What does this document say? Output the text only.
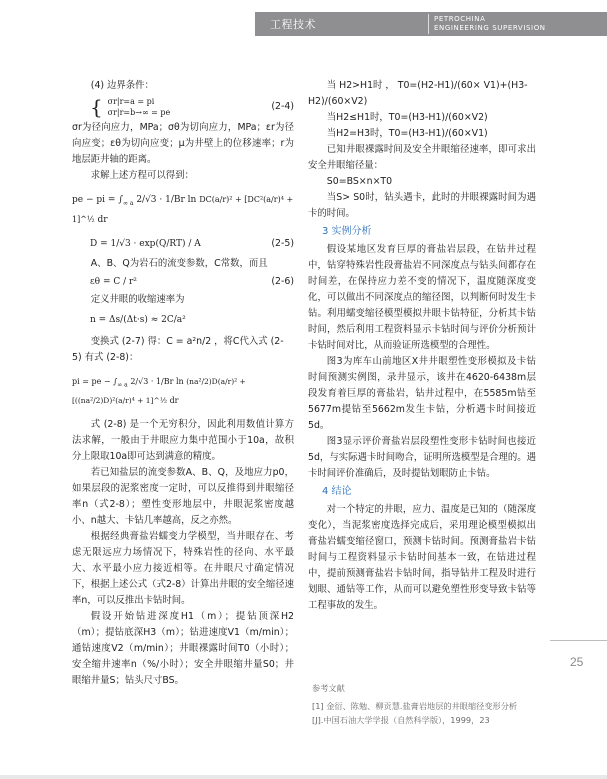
工程技术	PETROCHINA
ENGINEERING SUPERVISION

(4) 边界条件：

{ σr|r=a = pi
σr|r=b→∞ = pe
(2-4)

σr为径向应力，MPa；σθ为切向应力，MPa；εr为径向应变；εθ为切向应变；μ为井壁上的位移速率；r为地层距井轴的距离。

求解上述方程可以得到：

pe − pi = $\int_{\infty a}$ 2/√3 · 1/Br ln DC(a/r)² + [DC²(a/r)⁴ + 1]^½ dr
D = 1/√3 · exp(Q/RT) / A	(2-5)

A、B、Q为岩石的流变参数，C常数，而且

εθ = C / r²	(2-6)

定义井眼的收缩速率为

n = Δs/(Δt·s) ≈ 2C/a²

变换式 (2-7) 得：C = a²n/2 ，将C代入式 (2-

5) 有式 (2-8)：

pi = pe − $\int_{\infty a}$ 2/√3 · 1/Br ln (na²/2)D(a/r)² + [((na²/2)D)²(a/r)⁴ + 1]^½ dr

式 (2-8) 是一个无穷积分，因此利用数值计算方法求解，一般由于井眼应力集中范围小于10a，故积分上限取10a即可达到满意的精度。

若已知盐层的流变参数A、B、Q，及地应力p0，如果层段的泥浆密度一定时，可以反推得到井眼缩径率n（式2-8）；塑性变形地层中，井眼泥浆密度越小、n越大、卡钻几率越高，反之亦然。

根据经典膏盐岩蠕变力学模型，当井眼存在、考虑无限远应力场情况下，特殊岩性的径向、水平最大、水平最小应力接近相等。在井眼尺寸确定情况下，根据上述公式（式2-8）计算出井眼的安全缩径速率n，可以反推出卡钻时间。

假设开始钻进深度H1（m）；提钻顶深H2（m）；提钻底深H3（m）；钻进速度V1（m/min）；通钻速度V2（m/min）；井眼裸露时间T0（小时）；安全缩井速率n（%/小时）；安全井眼缩井量S0；井眼缩井量S；钻头尺寸BS。

当 H2>H1时 ， T0=(H2-H1)/(60× V1)+(H3-

H2)/(60×V2)

当H2≤H1时，T0=(H3-H1)/(60×V2)

当H2=H3时，T0=(H3-H1)/(60×V1)

已知井眼裸露时间及安全井眼缩径速率，即可求出安全井眼缩径量：

S0=BS×n×T0

当S> S0时，钻头遇卡，此时的井眼裸露时间为遇卡的时间。

3 实例分析

假设某地区发育巨厚的膏盐岩层段，在钻井过程中，钻穿特殊岩性段膏盐岩不同深度点与钻头间都存在时间差，在保持应力差不变的情况下，温度随深度变化，可以做出不同深度点的缩径图，以判断何时发生卡钻。利用蠕变缩径模型模拟井眼卡钻特征，分析其卡钻时间，然后利用工程资料显示卡钻时间与评价分析预计卡钻时间对比，从而验证所选模型的合理性。

图3为库车山前地区X井井眼塑性变形模拟及卡钻时间预测实例图，录井显示，该井在4620-6438m层段发育着巨厚的膏盐岩，钻井过程中，在5585m钻至5677m提钻至5662m发生卡钻，分析遇卡时间接近5d。

图3显示评价膏盐岩层段塑性变形卡钻时间也接近5d，与实际遇卡时间吻合，证明所选模型是合理的。遇卡时间评价准确后，及时提钻划眼防止卡钻。

4 结论

对一个特定的井眼，应力、温度是已知的（随深度变化），当泥浆密度选择完成后，采用理论模型模拟出膏盐岩蠕变缩径窗口，预测卡钻时间。预测膏盐岩卡钻时间与工程资料显示卡钻时间基本一致，在钻进过程中，提前预测膏盐岩卡钻时间，指导钻井工程及时进行划眼、通钻等工作，从而可以避免塑性形变导致卡钻等工程事故的发生。

25
参考文献
[1] 金衍、陈勉、柳贡慧.盐膏岩地层的井眼缩径变形分析
[J].中国石油大学学报（自然科学版），1999，23
